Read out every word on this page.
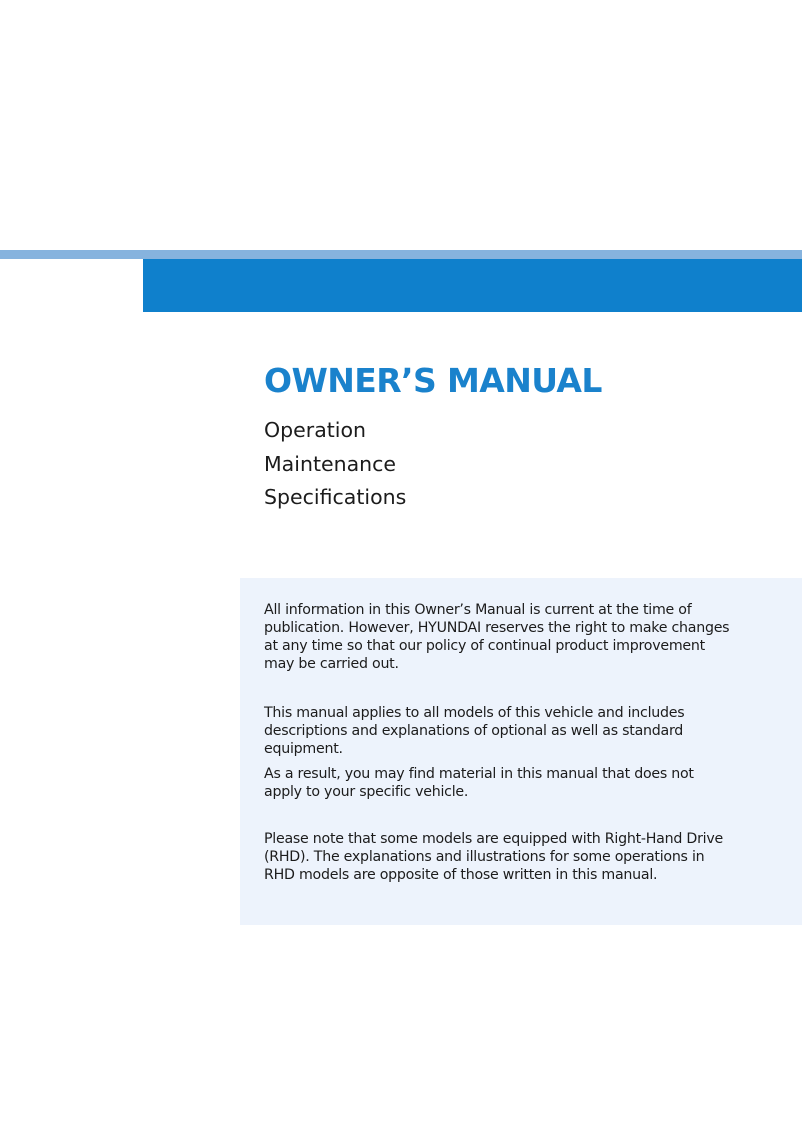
OWNER’S MANUAL
Operation
Maintenance
Specifications

All information in this Owner’s Manual is current at the time of publication. However, HYUNDAI reserves the right to make changes at any time so that our policy of continual product improvement may be carried out.

This manual applies to all models of this vehicle and includes descriptions and explanations of optional as well as standard equipment.

As a result, you may find material in this manual that does not apply to your specific vehicle.

Please note that some models are equipped with Right-Hand Drive (RHD). The explanations and illustrations for some operations in RHD models are opposite of those written in this manual.
